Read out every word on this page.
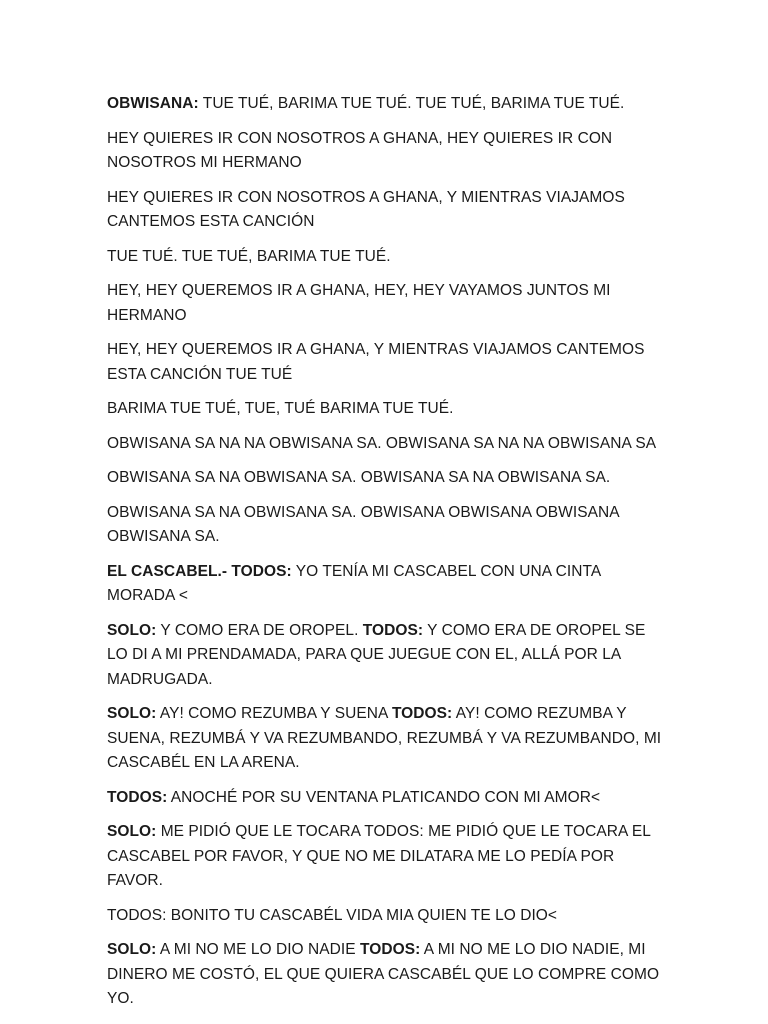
OBWISANA: TUE TUÉ, BARIMA TUE TUÉ. TUE TUÉ, BARIMA TUE TUÉ.

HEY QUIERES IR CON NOSOTROS A GHANA, HEY QUIERES IR CON NOSOTROS MI HERMANO

HEY QUIERES IR CON NOSOTROS A GHANA, Y MIENTRAS VIAJAMOS CANTEMOS ESTA CANCIÓN

TUE TUÉ. TUE TUÉ, BARIMA TUE TUÉ.

HEY, HEY QUEREMOS IR A GHANA, HEY, HEY VAYAMOS JUNTOS MI HERMANO

HEY, HEY QUEREMOS IR A GHANA, Y MIENTRAS VIAJAMOS CANTEMOS ESTA CANCIÓN TUE TUÉ

BARIMA TUE TUÉ, TUE, TUÉ BARIMA TUE TUÉ.

OBWISANA SA NA NA OBWISANA SA. OBWISANA SA NA NA OBWISANA SA

OBWISANA SA NA OBWISANA SA. OBWISANA SA NA OBWISANA SA.

OBWISANA SA NA OBWISANA SA. OBWISANA OBWISANA OBWISANA OBWISANA SA.

EL CASCABEL.- TODOS: YO TENÍA MI CASCABEL CON UNA CINTA MORADA <

SOLO: Y COMO ERA DE OROPEL. TODOS: Y COMO ERA DE OROPEL SE LO DI A MI PRENDAMADA, PARA QUE JUEGUE CON EL, ALLÁ POR LA MADRUGADA.

SOLO: AY! COMO REZUMBA Y SUENA TODOS: AY! COMO REZUMBA Y SUENA, REZUMBÁ Y VA REZUMBANDO, REZUMBÁ Y VA REZUMBANDO, MI CASCABÉL EN LA ARENA.

TODOS: ANOCHÉ POR SU VENTANA PLATICANDO CON MI AMOR<

SOLO: ME PIDIÓ QUE LE TOCARA TODOS: ME PIDIÓ QUE LE TOCARA EL CASCABEL POR FAVOR, Y QUE NO ME DILATARA ME LO PEDÍA POR FAVOR.

TODOS: BONITO TU CASCABÉL VIDA MIA QUIEN TE LO DIO<

SOLO: A MI NO ME LO DIO NADIE TODOS: A MI NO ME LO DIO NADIE, MI DINERO ME COSTÓ, EL QUE QUIERA CASCABÉL QUE LO COMPRE COMO YO.
